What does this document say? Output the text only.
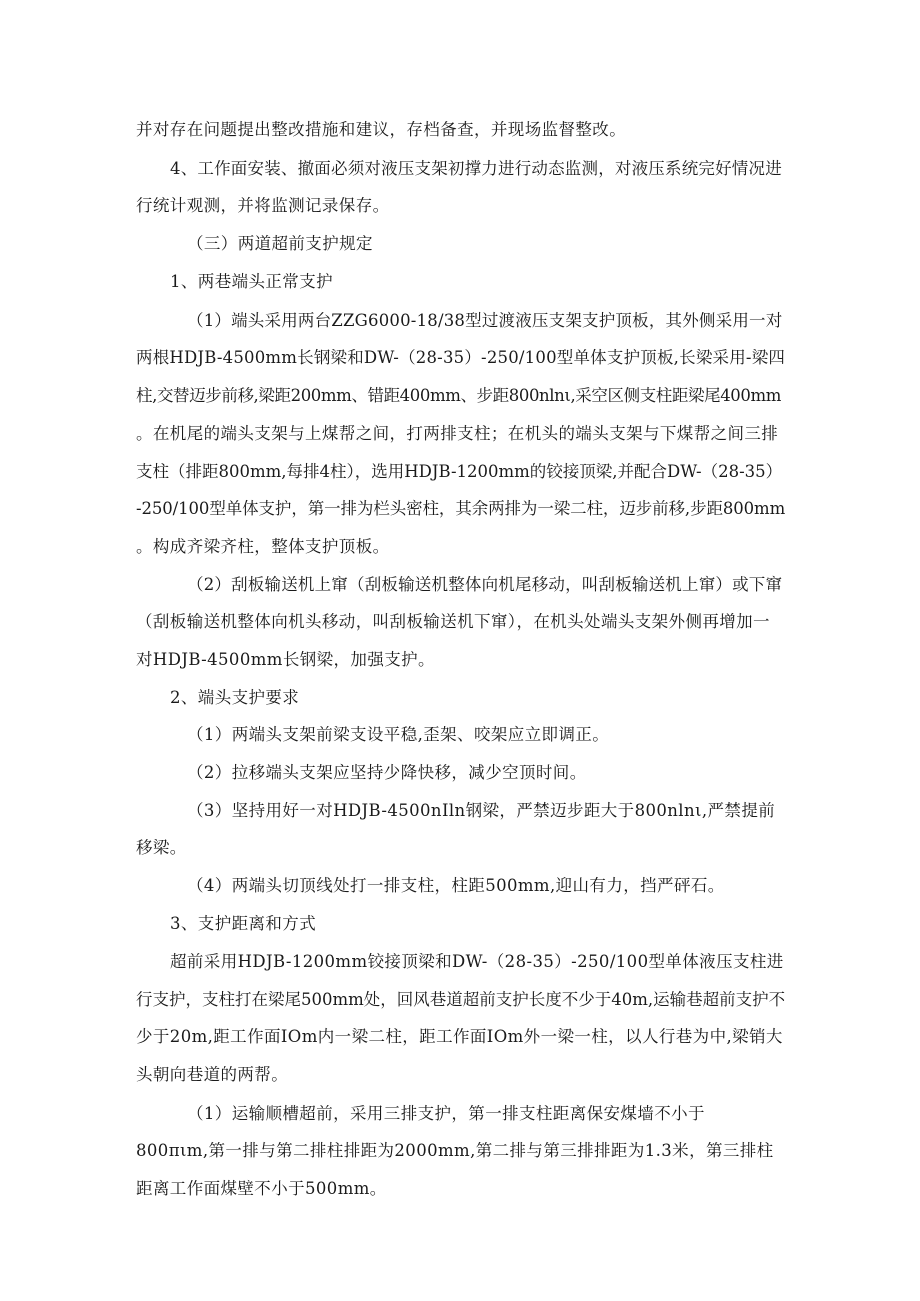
并对存在问题提出整改措施和建议，存档备查，并现场监督整改。
4、工作面安装、撤面必须对液压支架初撑力进行动态监测，对液压系统完好情况进
行统计观测，并将监测记录保存。
（三）两道超前支护规定
1、两巷端头正常支护
（1）端头采用两台ZZG6000-18/38型过渡液压支架支护顶板，其外侧采用一对
两根HDJB-4500mm长钢梁和DW-（28-35）-250/100型单体支护顶板,长梁采用-梁四
柱,交替迈步前移,梁距200mm、错距400mm、步距800nlnι,采空区侧支柱距梁尾400mm
。在机尾的端头支架与上煤帮之间，打两排支柱；在机头的端头支架与下煤帮之间三排
支柱（排距800mm,每排4柱），选用HDJB-1200mm的铰接顶梁,并配合DW-（28-35）
-250/100型单体支护，第一排为栏头密柱，其余两排为一梁二柱，迈步前移,步距800mm
。构成齐梁齐柱，整体支护顶板。
（2）刮板输送机上窜（刮板输送机整体向机尾移动，叫刮板输送机上窜）或下窜
（刮板输送机整体向机头移动，叫刮板输送机下窜），在机头处端头支架外侧再增加一
对HDJB-4500mm长钢梁，加强支护。
2、端头支护要求
（1）两端头支架前梁支设平稳,歪架、咬架应立即调正。
（2）拉移端头支架应坚持少降快移，减少空顶时间。
（3）坚持用好一对HDJB-4500nIln钢梁，严禁迈步距大于800nlnι,严禁提前
移梁。
（4）两端头切顶线处打一排支柱，柱距500mm,迎山有力，挡严砰石。
3、支护距离和方式
超前采用HDJB-1200mm铰接顶梁和DW-（28-35）-250/100型单体液压支柱进
行支护，支柱打在梁尾500mm处，回风巷道超前支护长度不少于40m,运输巷超前支护不
少于20m,距工作面IOm内一梁二柱，距工作面IOm外一梁一柱，以人行巷为中,梁销大
头朝向巷道的两帮。
（1）运输顺槽超前，采用三排支护，第一排支柱距离保安煤墙不小于
800πιm,第一排与第二排柱排距为2000mm,第二排与第三排排距为1.3米，第三排柱
距离工作面煤壁不小于500mm。
